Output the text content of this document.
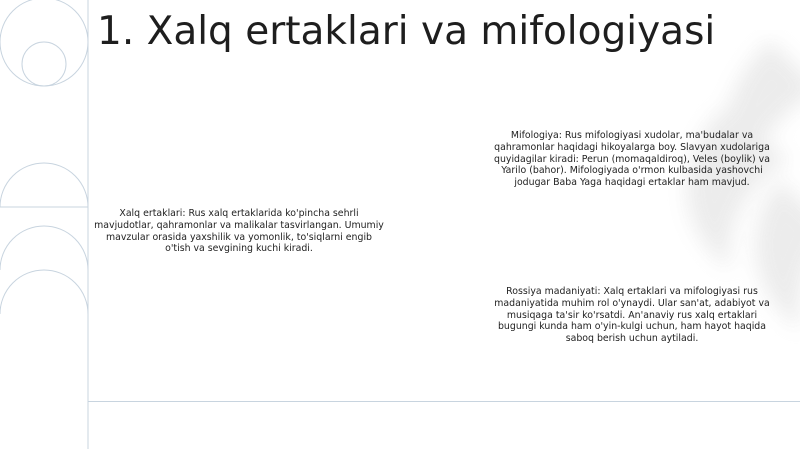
1. Xalq ertaklari va mifologiyasi

Xalq ertaklari: Rus xalq ertaklarida ko'pincha sehrli mavjudotlar, qahramonlar va malikalar tasvirlangan. Umumiy mavzular orasida yaxshilik va yomonlik, to'siqlarni engib o'tish va sevgining kuchi kiradi.

Mifologiya: Rus mifologiyasi xudolar, ma'budalar va qahramonlar haqidagi hikoyalarga boy. Slavyan xudolariga quyidagilar kiradi: Perun (momaqaldiroq), Veles (boylik) va Yarilo (bahor). Mifologiyada o'rmon kulbasida yashovchi jodugar Baba Yaga haqidagi ertaklar ham mavjud.

Rossiya madaniyati: Xalq ertaklari va mifologiyasi rus madaniyatida muhim rol o'ynaydi. Ular san'at, adabiyot va musiqaga ta'sir ko'rsatdi. An'anaviy rus xalq ertaklari bugungi kunda ham o'yin-kulgi uchun, ham hayot haqida saboq berish uchun aytiladi.
